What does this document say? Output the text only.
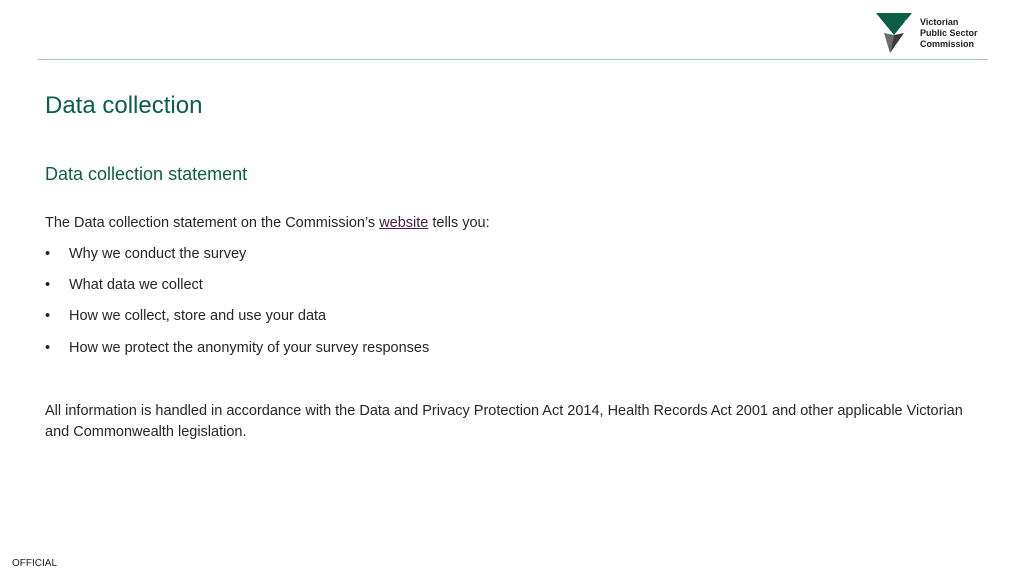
Victorian
Public Sector
Commission
Data collection
Data collection statement

The Data collection statement on the Commission’s website tells you:

•	Why we conduct the survey
•	What data we collect
•	How we collect, store and use your data
•	How we protect the anonymity of your survey responses

All information is handled in accordance with the Data and Privacy Protection Act 2014, Health Records Act 2001 and other applicable Victorian and Commonwealth legislation.

OFFICIAL
